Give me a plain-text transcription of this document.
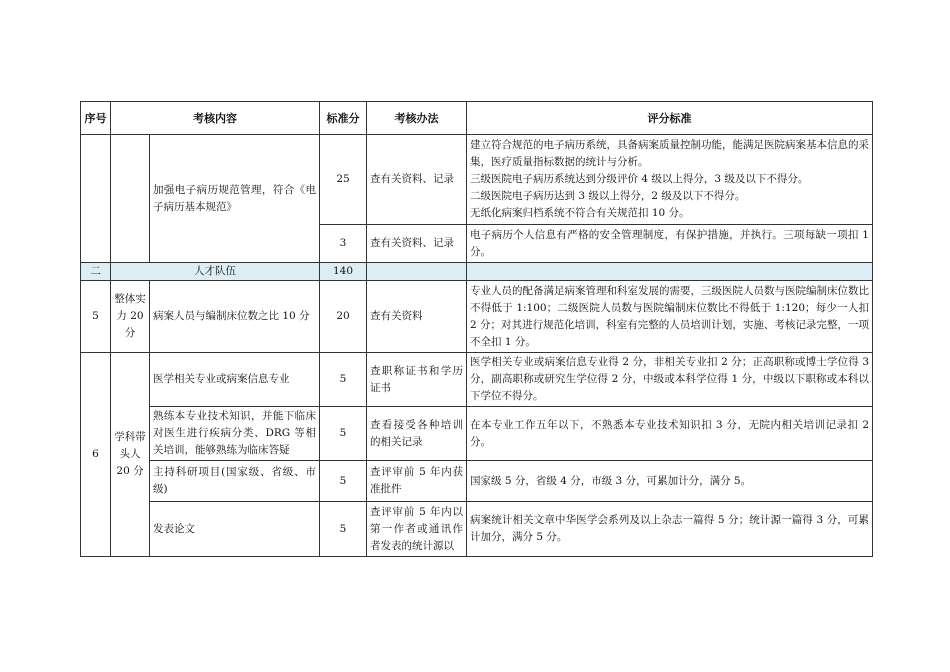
序号	考核内容		标准分	考核办法	评分标准
		加强电子病历规范管理，符合《电子病历基本规范》	25	查有关资料、记录	建立符合规范的电子病历系统，具备病案质量控制功能，能满足医院病案基本信息的采集，医疗质量指标数据的统计与分析。
三级医院电子病历系统达到分级评价 4 级以上得分，3 级及以下不得分。
二级医院电子病历达到 3 级以上得分，2 级及以下不得分。
无纸化病案归档系统不符合有关规范扣 10 分。

			3	查有关资料、记录	电子病历个人信息有严格的安全管理制度，有保护措施，并执行。三项每缺一项扣 1 分。
二	人才队伍		140		
5	整体实力 20 分	病案人员与编制床位数之比 10 分	20	查有关资料	专业人员的配备满足病案管理和科室发展的需要，三级医院人员数与医院编制床位数比不得低于 1:100；二级医院人员数与医院编制床位数比不得低于 1:120；每少一人扣 2 分；对其进行规范化培训，科室有完整的人员培训计划，实施、考核记录完整，一项不全扣 1 分。
6	学科带头人 20 分	医学相关专业或病案信息专业	5	查职称证书和学历证书	医学相关专业或病案信息专业得 2 分，非相关专业扣 2 分；正高职称或博士学位得 3 分，副高职称或研究生学位得 2 分，中级或本科学位得 1 分，中级以下职称或本科以下学位不得分。
		熟练本专业技术知识，并能下临床对医生进行疾病分类、DRG 等相关培训，能够熟练为临床答疑	5	查看接受各种培训的相关记录	在本专业工作五年以下，不熟悉本专业技术知识扣 3 分，无院内相关培训记录扣 2 分。
		主持科研项目(国家级、省级、市级)	5	查评审前 5 年内获准批件	国家级 5 分，省级 4 分，市级 3 分，可累加计分，满分 5。
		发表论文	5	查评审前 5 年内以第一作者或通讯作者发表的统计源以	病案统计相关文章中华医学会系列及以上杂志一篇得 5 分；统计源一篇得 3 分，可累计加分，满分 5 分。
